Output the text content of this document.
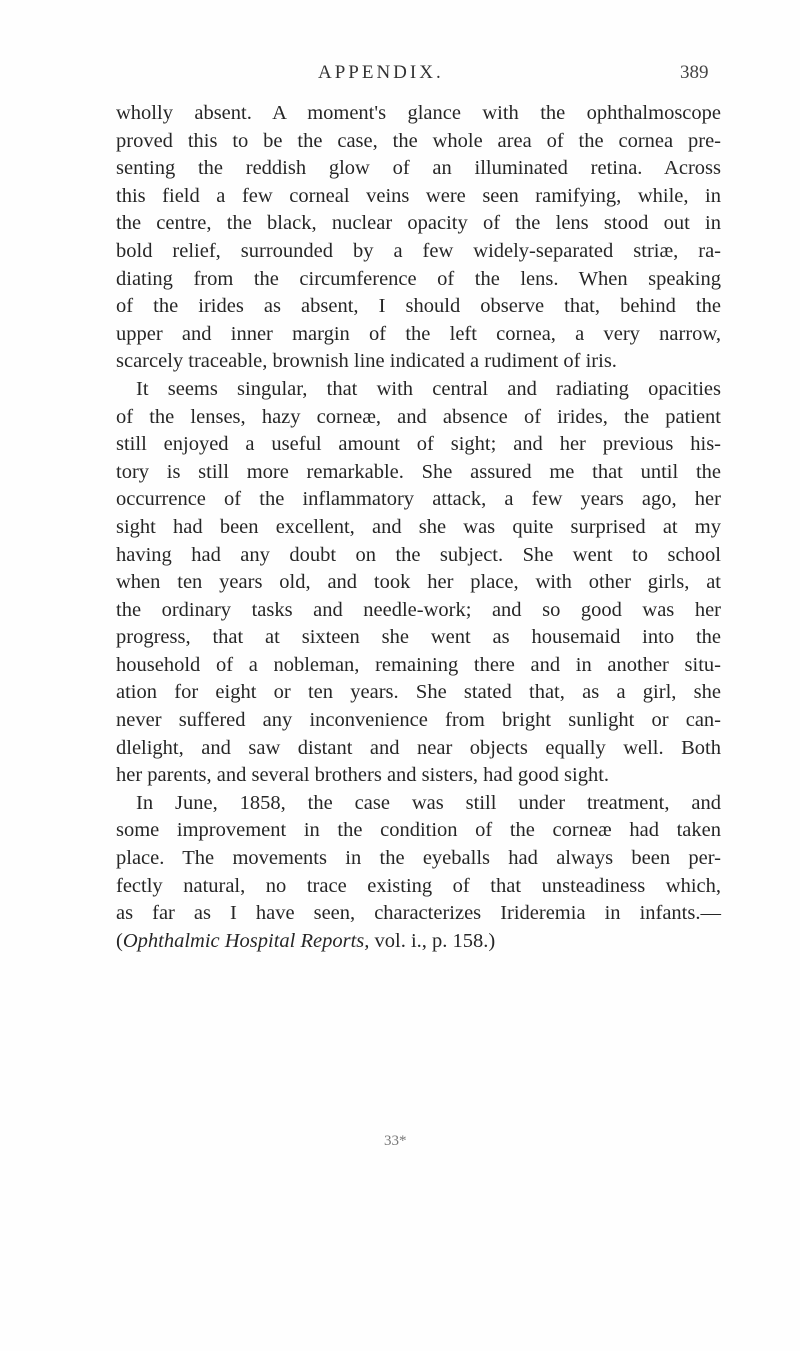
APPENDIX.	389
wholly absent. A moment's glance with the ophthalmoscope
proved this to be the case, the whole area of the cornea pre-
senting the reddish glow of an illuminated retina. Across
this field a few corneal veins were seen ramifying, while, in
the centre, the black, nuclear opacity of the lens stood out in
bold relief, surrounded by a few widely-separated striæ, ra-
diating from the circumference of the lens. When speaking
of the irides as absent, I should observe that, behind the
upper and inner margin of the left cornea, a very narrow,
scarcely traceable, brownish line indicated a rudiment of iris.
It seems singular, that with central and radiating opacities
of the lenses, hazy corneæ, and absence of irides, the patient
still enjoyed a useful amount of sight; and her previous his-
tory is still more remarkable. She assured me that until the
occurrence of the inflammatory attack, a few years ago, her
sight had been excellent, and she was quite surprised at my
having had any doubt on the subject. She went to school
when ten years old, and took her place, with other girls, at
the ordinary tasks and needle-work; and so good was her
progress, that at sixteen she went as housemaid into the
household of a nobleman, remaining there and in another situ-
ation for eight or ten years. She stated that, as a girl, she
never suffered any inconvenience from bright sunlight or can-
dlelight, and saw distant and near objects equally well. Both
her parents, and several brothers and sisters, had good sight.
In June, 1858, the case was still under treatment, and
some improvement in the condition of the corneæ had taken
place. The movements in the eyeballs had always been per-
fectly natural, no trace existing of that unsteadiness which,
as far as I have seen, characterizes Irideremia in infants.—
(Ophthalmic Hospital Reports, vol. i., p. 158.)
33*
